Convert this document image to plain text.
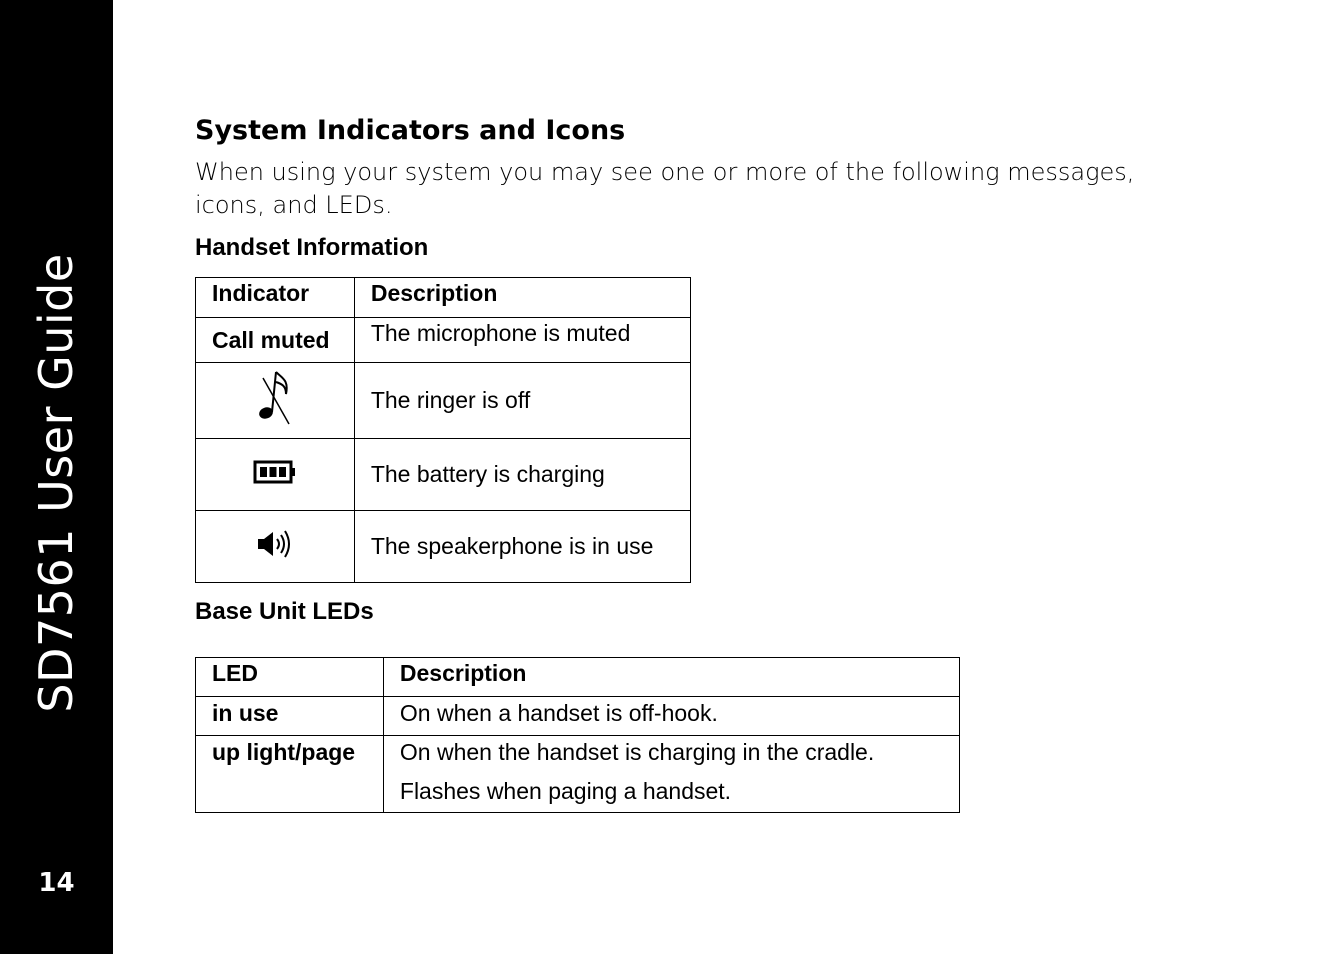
SD7561 User Guide
14
System Indicators and Icons

When using your system you may see one or more of the following messages, icons, and LEDs.

Handset Information
Indicator	Description
Call muted	The microphone is muted
	The ringer is off
	The battery is charging
	The speakerphone is in use
Base Unit LEDs
LED	Description
in use	On when a handset is off-hook.
up light/page	On when the handset is charging in the cradle.
Flashes when paging a handset.
